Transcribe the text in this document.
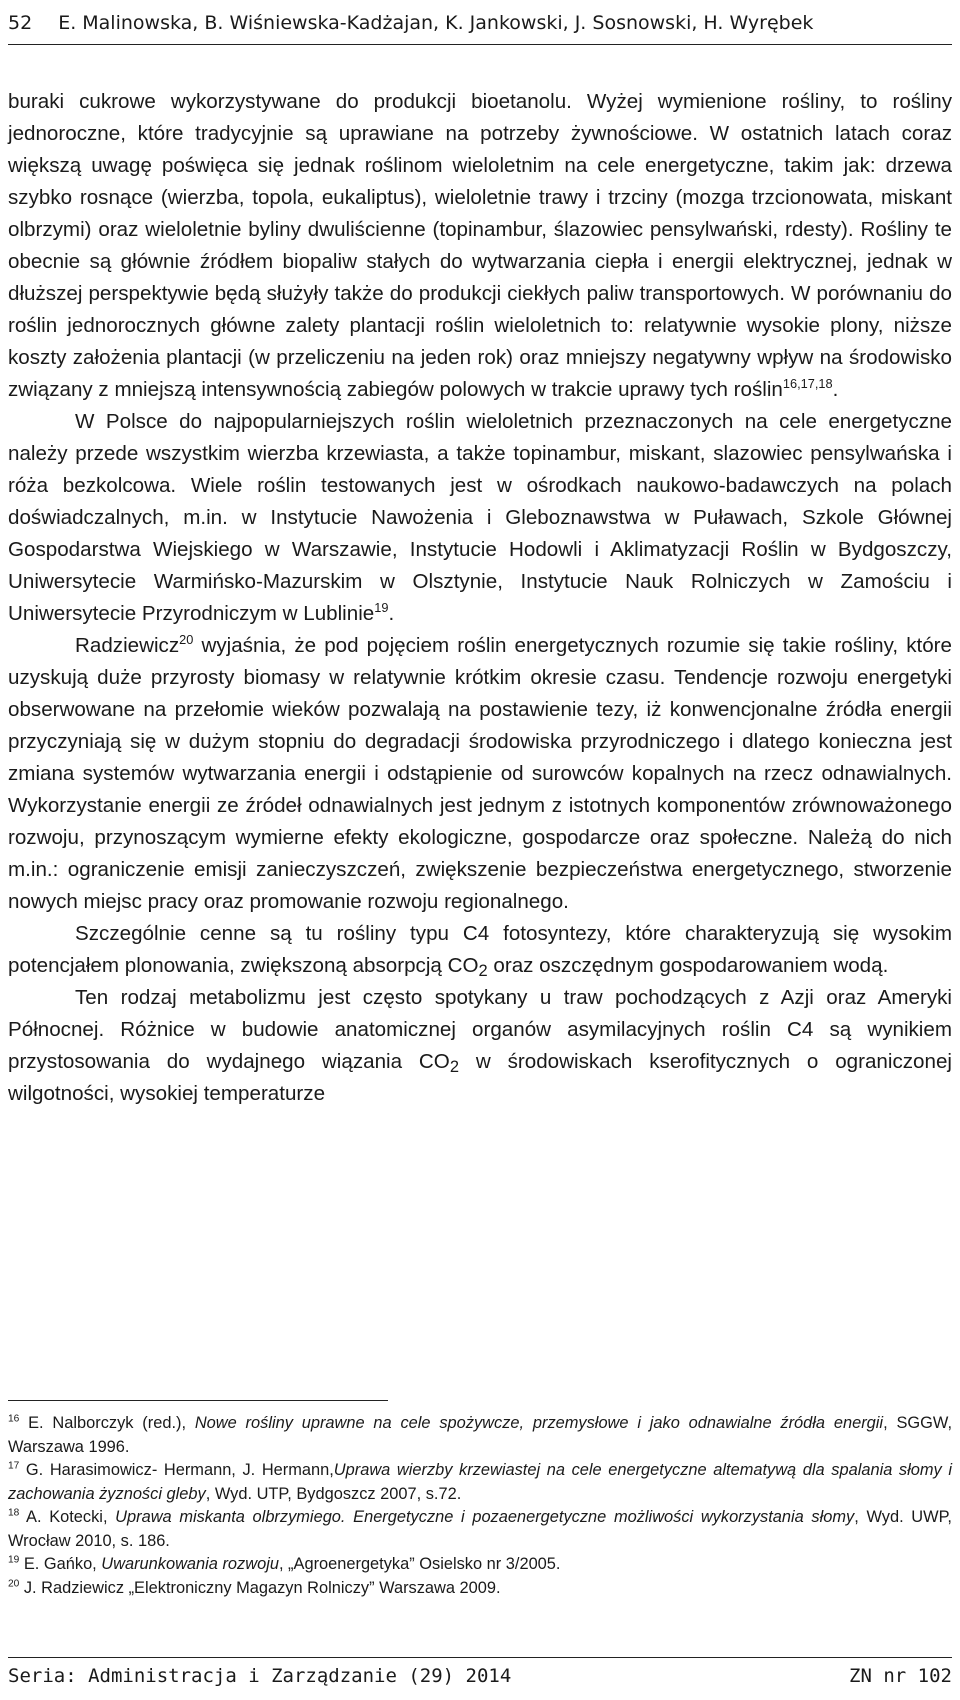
52 E. Malinowska, B. Wiśniewska-Kadżajan, K. Jankowski, J. Sosnowski, H. Wyrębek

buraki cukrowe wykorzystywane do produkcji bioetanolu. Wyżej wymienione rośliny, to rośliny jednoroczne, które tradycyjnie są uprawiane na potrzeby żywnościowe. W ostatnich latach coraz większą uwagę poświęca się jednak roślinom wieloletnim na cele energetyczne, takim jak: drzewa szybko rosnące (wierzba, topola, eukaliptus), wieloletnie trawy i trzciny (mozga trzcionowata, miskant olbrzymi) oraz wieloletnie byliny dwuliścienne (topinambur, ślazowiec pensylwański, rdesty). Rośliny te obecnie są głównie źródłem biopaliw stałych do wytwarzania ciepła i energii elektrycznej, jednak w dłuższej perspektywie będą służyły także do produkcji ciekłych paliw transportowych. W porównaniu do roślin jednorocznych główne zalety plantacji roślin wieloletnich to: relatywnie wysokie plony, niższe koszty założenia plantacji (w przeliczeniu na jeden rok) oraz mniejszy negatywny wpływ na środowisko związany z mniejszą intensywnością zabiegów polowych w trakcie uprawy tych roślin$^{16,17,18}$.

W Polsce do najpopularniejszych roślin wieloletnich przeznaczonych na cele energetyczne należy przede wszystkim wierzba krzewiasta, a także topinambur, miskant, slazowiec pensylwańska i róża bezkolcowa. Wiele roślin testowanych jest w ośrodkach naukowo-badawczych na polach doświadczalnych, m.in. w Instytucie Nawożenia i Gleboznawstwa w Puławach, Szkole Głównej Gospodarstwa Wiejskiego w Warszawie, Instytucie Hodowli i Aklimatyzacji Roślin w Bydgoszczy, Uniwersytecie Warmińsko-Mazurskim w Olsztynie, Instytucie Nauk Rolniczych w Zamościu i Uniwersytecie Przyrodniczym w Lublinie$^{19}$.

Radziewicz$^{20}$ wyjaśnia, że pod pojęciem roślin energetycznych rozumie się takie rośliny, które uzyskują duże przyrosty biomasy w relatywnie krótkim okresie czasu. Tendencje rozwoju energetyki obserwowane na przełomie wieków pozwalają na postawienie tezy, iż konwencjonalne źródła energii przyczyniają się w dużym stopniu do degradacji środowiska przyrodniczego i dlatego konieczna jest zmiana systemów wytwarzania energii i odstąpienie od surowców kopalnych na rzecz odnawialnych. Wykorzystanie energii ze źródeł odnawialnych jest jednym z istotnych komponentów zrównoważonego rozwoju, przynoszącym wymierne efekty ekologiczne, gospodarcze oraz społeczne. Należą do nich m.in.: ograniczenie emisji zanieczyszczeń, zwiększenie bezpieczeństwa energetycznego, stworzenie nowych miejsc pracy oraz promowanie rozwoju regionalnego.

Szczególnie cenne są tu rośliny typu C4 fotosyntezy, które charakteryzują się wysokim potencjałem plonowania, zwiększoną absorpcją $CO_2$ oraz oszczędnym gospodarowaniem wodą.

Ten rodzaj metabolizmu jest często spotykany u traw pochodzących z Azji oraz Ameryki Północnej. Różnice w budowie anatomicznej organów asymilacyjnych roślin C4 są wynikiem przystosowania do wydajnego wiązania $CO_2$ w środowiskach kserofitycznych o ograniczonej wilgotności, wysokiej temperaturze

$^{16}$ E. Nalborczyk (red.), Nowe rośliny uprawne na cele spożywcze, przemysłowe i jako odnawialne źródła energii, SGGW, Warszawa 1996.

$^{17}$ G. Harasimowicz- Hermann, J. Hermann,Uprawa wierzby krzewiastej na cele energetyczne altematywą dla spalania słomy i zachowania żyzności gleby, Wyd. UTP, Bydgoszcz 2007, s.72.

$^{18}$ A. Kotecki, Uprawa miskanta olbrzymiego. Energetyczne i pozaenergetyczne możliwości wykorzystania słomy, Wyd. UWP, Wrocław 2010, s. 186.

$^{19}$ E. Gańko, Uwarunkowania rozwoju, „Agroenergetyka” Osielsko nr 3/2005.

$^{20}$ J. Radziewicz „Elektroniczny Magazyn Rolniczy” Warszawa 2009.

Seria: Administracja i Zarządzanie (29) 2014	ZN nr 102
